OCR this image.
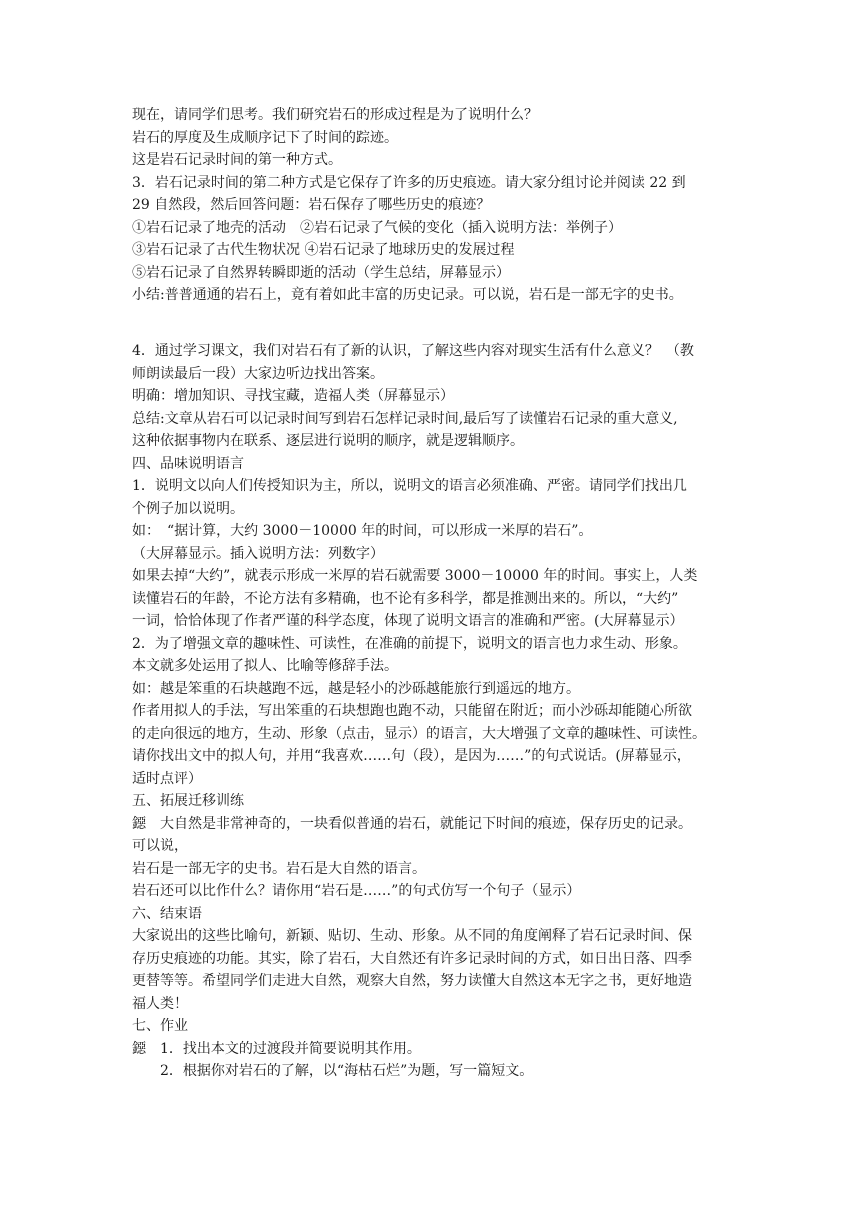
现在，请同学们思考。我们研究岩石的形成过程是为了说明什么？
岩石的厚度及生成顺序记下了时间的踪迹。
这是岩石记录时间的第一种方式。
3．岩石记录时间的第二种方式是它保存了许多的历史痕迹。请大家分组讨论并阅读 22 到
29 自然段，然后回答问题：岩石保存了哪些历史的痕迹？
①岩石记录了地壳的活动　②岩石记录了气候的变化（插入说明方法：举例子）
③岩石记录了古代生物状况 ④岩石记录了地球历史的发展过程
⑤岩石记录了自然界转瞬即逝的活动（学生总结，屏幕显示）
小结:普普通通的岩石上，竟有着如此丰富的历史记录。可以说，岩石是一部无字的史书。
4．通过学习课文，我们对岩石有了新的认识，了解这些内容对现实生活有什么意义？　（教
师朗读最后一段）大家边听边找出答案。
明确：增加知识、寻找宝藏，造福人类（屏幕显示）
总结:文章从岩石可以记录时间写到岩石怎样记录时间,最后写了读懂岩石记录的重大意义,
这种依据事物内在联系、逐层进行说明的顺序，就是逻辑顺序。
四、品味说明语言
1．说明文以向人们传授知识为主，所以，说明文的语言必须准确、严密。请同学们找出几
个例子加以说明。
如：　“据计算，大约 3000－10000 年的时间，可以形成一米厚的岩石”。
（大屏幕显示。插入说明方法：列数字）
如果去掉“大约”，就表示形成一米厚的岩石就需要 3000－10000 年的时间。事实上，人类
读懂岩石的年龄，不论方法有多精确，也不论有多科学，都是推测出来的。所以，“大约”
一词，恰恰体现了作者严谨的科学态度，体现了说明文语言的准确和严密。(大屏幕显示）
2．为了增强文章的趣味性、可读性，在准确的前提下，说明文的语言也力求生动、形象。
本文就多处运用了拟人、比喻等修辞手法。
如：越是笨重的石块越跑不远，越是轻小的沙砾越能旅行到遥远的地方。
作者用拟人的手法，写出笨重的石块想跑也跑不动，只能留在附近；而小沙砾却能随心所欲
的走向很远的地方，生动、形象（点击，显示）的语言，大大增强了文章的趣味性、可读性。
请你找出文中的拟人句，并用“我喜欢……句（段），是因为……”的句式说话。(屏幕显示，
适时点评）
五、拓展迁移训练
鐚　大自然是非常神奇的，一块看似普通的岩石，就能记下时间的痕迹，保存历史的记录。
可以说，
岩石是一部无字的史书。岩石是大自然的语言。
岩石还可以比作什么？请你用“岩石是……”的句式仿写一个句子（显示）
六、结束语
大家说出的这些比喻句，新颖、贴切、生动、形象。从不同的角度阐释了岩石记录时间、保
存历史痕迹的功能。其实，除了岩石，大自然还有许多记录时间的方式，如日出日落、四季
更替等等。希望同学们走进大自然，观察大自然，努力读懂大自然这本无字之书，更好地造
福人类！
七、作业
鐚　1．找出本文的过渡段并简要说明其作用。
2．根据你对岩石的了解，以“海枯石烂”为题，写一篇短文。
